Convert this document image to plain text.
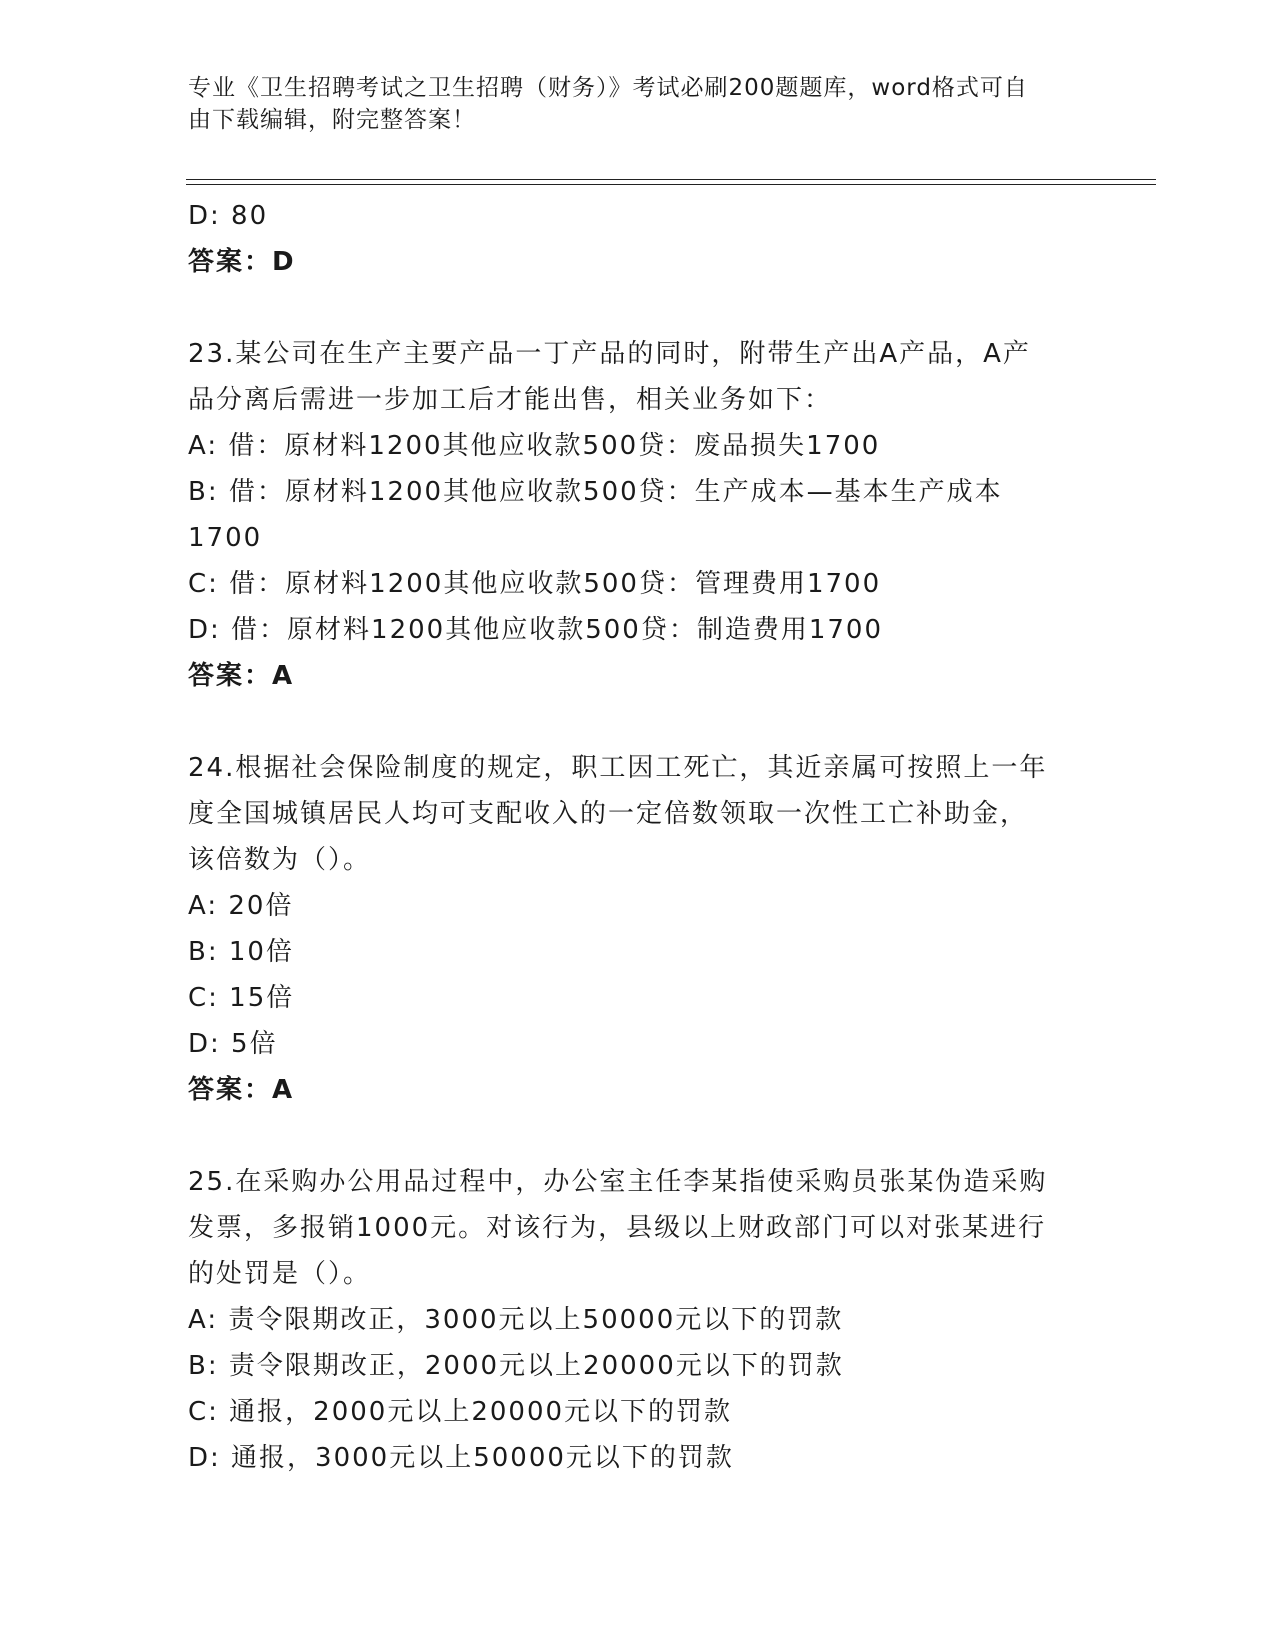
专业《卫生招聘考试之卫生招聘（财务）》考试必刷200题题库，word格式可自
由下载编辑，附完整答案！
D: 80
答案：D
23.某公司在生产主要产品一丁产品的同时，附带生产出A产品，A产
品分离后需进一步加工后才能出售，相关业务如下：
A: 借：原材料1200其他应收款500贷：废品损失1700
B: 借：原材料1200其他应收款500贷：生产成本—基本生产成本
1700
C: 借：原材料1200其他应收款500贷：管理费用1700
D: 借：原材料1200其他应收款500贷：制造费用1700
答案：A
24.根据社会保险制度的规定，职工因工死亡，其近亲属可按照上一年
度全国城镇居民人均可支配收入的一定倍数领取一次性工亡补助金，
该倍数为（）。
A: 20倍
B: 10倍
C: 15倍
D: 5倍
答案：A
25.在采购办公用品过程中，办公室主任李某指使采购员张某伪造采购
发票，多报销1000元。对该行为，县级以上财政部门可以对张某进行
的处罚是（）。
A: 责令限期改正，3000元以上50000元以下的罚款
B: 责令限期改正，2000元以上20000元以下的罚款
C: 通报，2000元以上20000元以下的罚款
D: 通报，3000元以上50000元以下的罚款
